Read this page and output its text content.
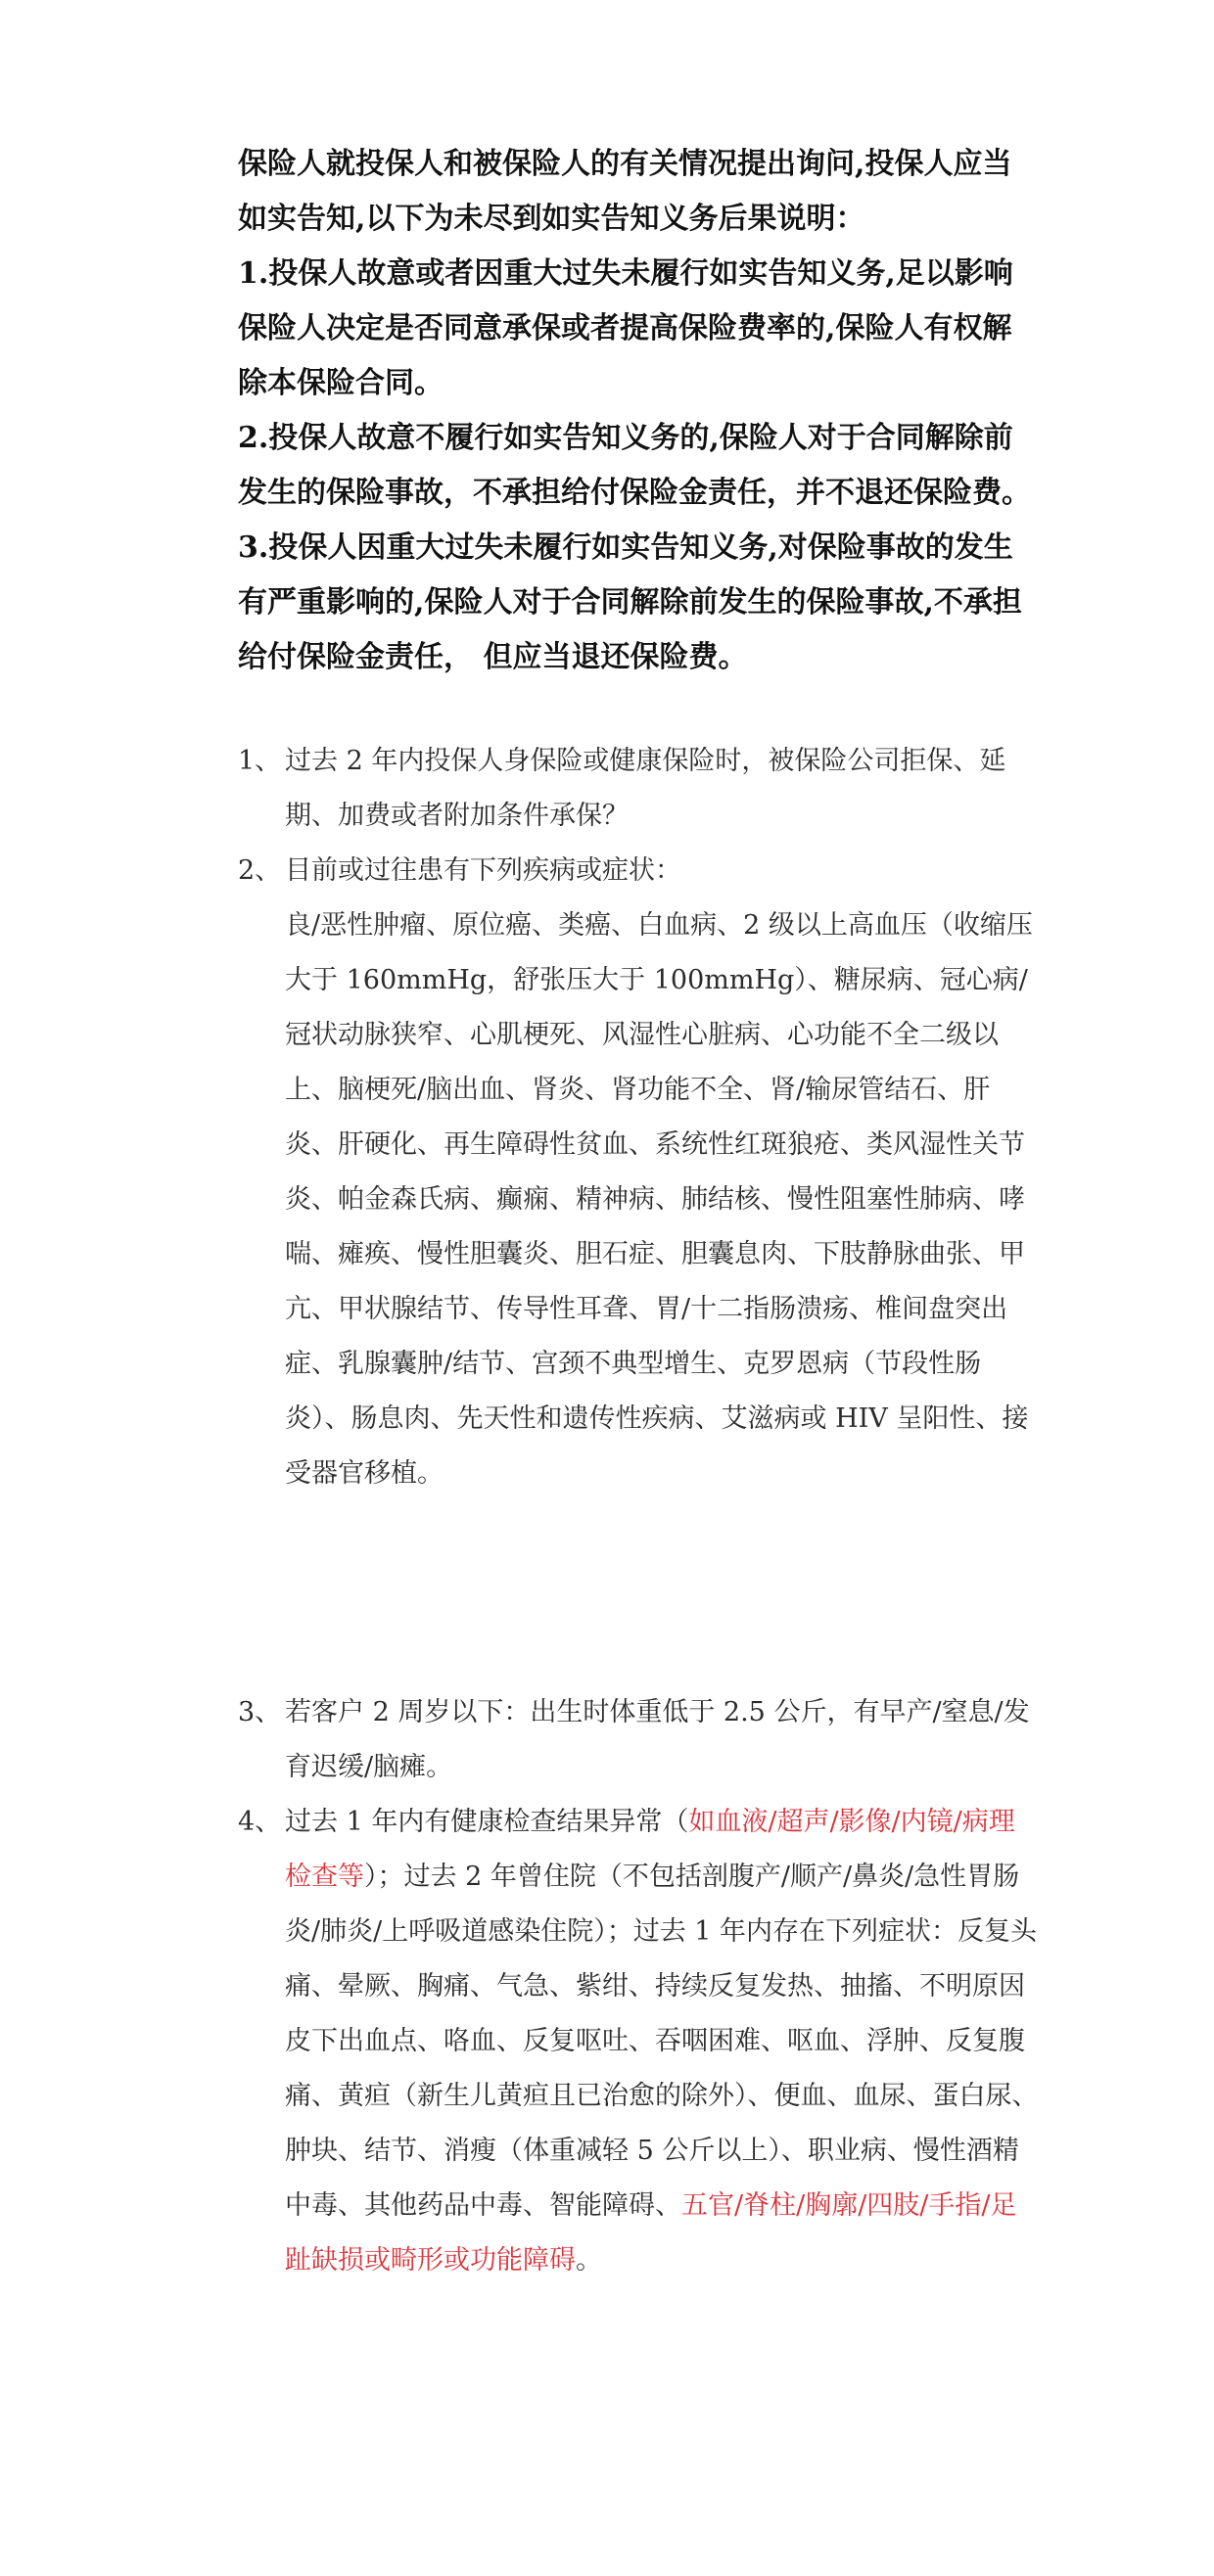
保险人就投保人和被保险人的有关情况提出询问,投保人应当如实告知,以下为未尽到如实告知义务后果说明：

1.投保人故意或者因重大过失未履行如实告知义务,足以影响保险人决定是否同意承保或者提高保险费率的,保险人有权解除本保险合同。

2.投保人故意不履行如实告知义务的,保险人对于合同解除前发生的保险事故，不承担给付保险金责任，并不退还保险费。

3.投保人因重大过失未履行如实告知义务,对保险事故的发生有严重影响的,保险人对于合同解除前发生的保险事故,不承担给付保险金责任， 但应当退还保险费。

1、 过去 2 年内投保人身保险或健康保险时，被保险公司拒保、延期、加费或者附加条件承保？
2、 目前或过往患有下列疾病或症状：
良/恶性肿瘤、原位癌、类癌、白血病、2 级以上高血压（收缩压大于 160mmHg，舒张压大于 100mmHg）、糖尿病、冠心病/冠状动脉狭窄、心肌梗死、风湿性心脏病、心功能不全二级以上、脑梗死/脑出血、肾炎、肾功能不全、肾/输尿管结石、肝炎、肝硬化、再生障碍性贫血、系统性红斑狼疮、类风湿性关节炎、帕金森氏病、癫痫、精神病、肺结核、慢性阻塞性肺病、哮喘、瘫痪、慢性胆囊炎、胆石症、胆囊息肉、下肢静脉曲张、甲亢、甲状腺结节、传导性耳聋、胃/十二指肠溃疡、椎间盘突出症、乳腺囊肿/结节、宫颈不典型增生、克罗恩病（节段性肠炎）、肠息肉、先天性和遗传性疾病、艾滋病或 HIV 呈阳性、接受器官移植。
3、 若客户 2 周岁以下：出生时体重低于 2.5 公斤，有早产/窒息/发育迟缓/脑瘫。
4、 过去 1 年内有健康检查结果异常（如血液/超声/影像/内镜/病理检查等）；过去 2 年曾住院（不包括剖腹产/顺产/鼻炎/急性胃肠炎/肺炎/上呼吸道感染住院）；过去 1 年内存在下列症状：反复头痛、晕厥、胸痛、气急、紫绀、持续反复发热、抽搐、不明原因皮下出血点、咯血、反复呕吐、吞咽困难、呕血、浮肿、反复腹痛、黄疸（新生儿黄疸且已治愈的除外）、便血、血尿、蛋白尿、肿块、结节、消瘦（体重减轻 5 公斤以上）、职业病、慢性酒精中毒、其他药品中毒、智能障碍、五官/脊柱/胸廓/四肢/手指/足趾缺损或畸形或功能障碍。
